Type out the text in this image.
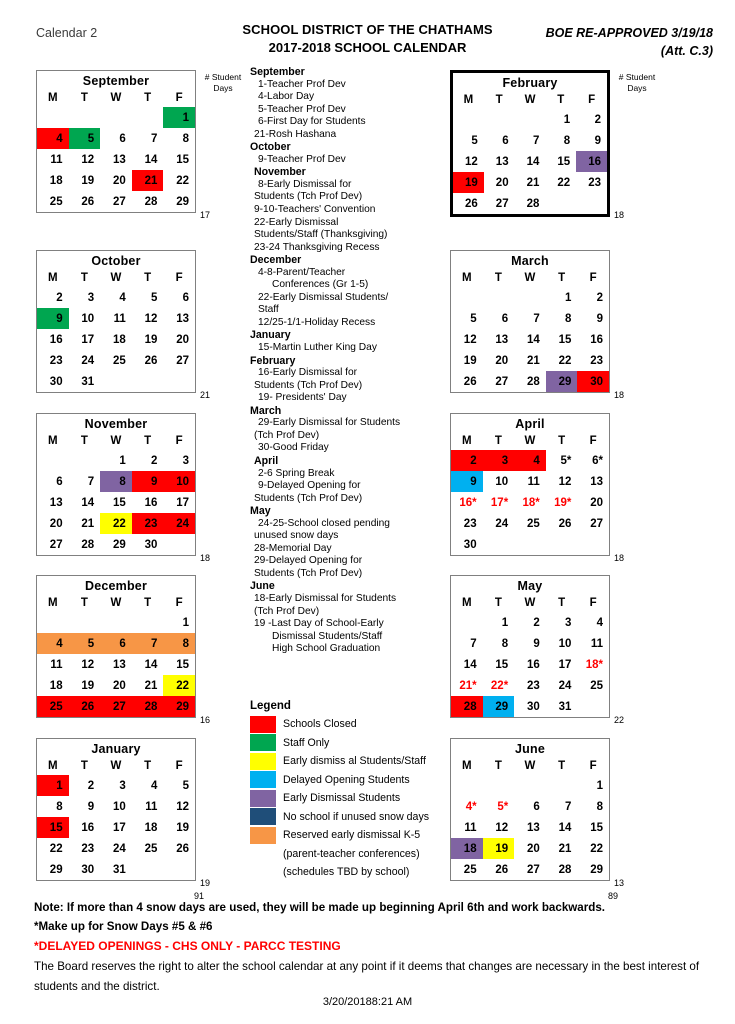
Calendar 2	SCHOOL DISTRICT OF THE CHATHAMS
2017-2018 SCHOOL CALENDAR
BOE RE-APPROVED 3/19/18
(Att. C.3)
September
M	T	W	T	F
				1
4	5	6	7	8
11	12	13	14	15
18	19	20	21	22
25	26	27	28	29
# Student
Days
17
October
M	T	W	T	F
2	3	4	5	6
9	10	11	12	13
16	17	18	19	20
23	24	25	26	27
30	31			
21
November
M	T	W	T	F
		1	2	3
6	7	8	9	10
13	14	15	16	17
20	21	22	23	24
27	28	29	30	
18
December
M	T	W	T	F
				1
4	5	6	7	8
11	12	13	14	15
18	19	20	21	22
25	26	27	28	29
16
January
M	T	W	T	F
1	2	3	4	5
8	9	10	11	12
15	16	17	18	19
22	23	24	25	26
29	30	31		
19
91
February
M	T	W	T	F
			1	2
5	6	7	8	9
12	13	14	15	16
19	20	21	22	23
26	27	28		
# Student
Days
18
March
M	T	W	T	F
			1	2
5	6	7	8	9
12	13	14	15	16
19	20	21	22	23
26	27	28	29	30
18
April
M	T	W	T	F
2	3	4	5*	6*
9	10	11	12	13
16*	17*	18*	19*	20
23	24	25	26	27
30				
18
May
M	T	W	T	F
	1	2	3	4
7	8	9	10	11
14	15	16	17	18*
21*	22*	23	24	25
28	29	30	31	
22
June
M	T	W	T	F
				1
4*	5*	6	7	8
11	12	13	14	15
18	19	20	21	22
25	26	27	28	29
13
89
September
1-Teacher Prof Dev
4-Labor Day
5-Teacher Prof Dev
6-First Day for Students
21-Rosh Hashana
October
9-Teacher Prof Dev
November
8-Early Dismissal for
Students (Tch Prof Dev)
9-10-Teachers' Convention
22-Early Dismissal
Students/Staff (Thanksgiving)
23-24 Thanksgiving Recess
December
4-8-Parent/Teacher
Conferences (Gr 1-5)
22-Early Dismissal Students/
Staff
12/25-1/1-Holiday Recess
January
15-Martin Luther King Day
February
16-Early Dismissal for
Students (Tch Prof Dev)
19- Presidents' Day
March
29-Early Dismissal for Students
(Tch Prof Dev)
30-Good Friday
April
2-6 Spring Break
9-Delayed Opening for
Students (Tch Prof Dev)
May
24-25-School closed pending
unused snow days
28-Memorial Day
29-Delayed Opening for
Students (Tch Prof Dev)
June
18-Early Dismissal for Students
(Tch Prof Dev)
19 -Last Day of School-Early
Dismissal Students/Staff
High School Graduation
Legend
Schools Closed
Staff Only
Early dismiss al Students/Staff
Delayed Opening Students
Early Dismissal Students
No school if unused snow days
Reserved early dismissal K-5
(parent-teacher conferences)
(schedules TBD by school)
Note: If more than 4 snow days are used, they will be made up beginning April 6th and work backwards.
*Make up for Snow Days #5 & #6
*DELAYED OPENINGS - CHS ONLY - PARCC TESTING
The Board reserves the right to alter the school calendar at any point if it deems that changes are necessary in the best interest of students and the district.
3/20/20188:21 AM
